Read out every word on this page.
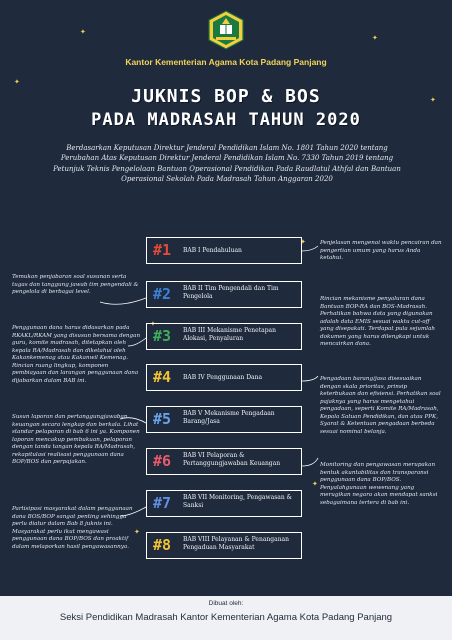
✦
✦
✦
✦
✦
✦
✦
✦
Kantor Kementerian Agama Kota Padang Panjang
JUKNIS BOP & BOS
PADA MADRASAH TAHUN 2020
Berdasarkan Keputusan Direktur Jenderal Pendidikan Islam No. 1801 Tahun 2020 tentang Perubahan Atas Keputusan Direktur Jenderal Pendidikan Islam No. 7330 Tahun 2019 tentang Petunjuk Teknis Pengelolaan Bantuan Operasional Pendidikan Pada Raudlatul Athfal dan Bantuan Operasional Sekolah Pada Madrasah Tahun Anggaran 2020
#1 BAB I Pendahuluan
#2 BAB II Tim Pengendali dan Tim Pengelola
#3 BAB III Mekanisme Penetapan Alokasi, Penyaluran
#4 BAB IV Penggunaan Dana
#5 BAB V Mekanisme Pengadaan Barang/Jasa
#6 BAB VI Pelaporan & Pertanggungjawaban Keuangan
#7 BAB VII Monitoring, Pengawasan & Sanksi
#8 BAB VIII Pelayanan & Penanganan Pengaduan Masyarakat
Temukan penjabaran soal susunan serta tugas dan tanggung jawab tim pengendali & pengelola di berbagai level.
Penggunaan dana harus didasarkan pada RKAKL/RKAM yang disusun bersama dengan guru, komite madrasah, ditetapkan oleh kepala RA/Madrasah dan diketahui oleh Kakankemenag atau Kakanwil Kemenag. Rincian ruang lingkup, komponen pembiayaan dan larangan penggunaan dana dijabarkan dalam BAB ini.
Susun laporan dan pertanggungjawaban keuangan secara lengkap dan berkala. Lihat standar pelaporan di bab 6 ini ya. Komponen laporan mencakup pembukuan, pelaporan dengan tanda tangan kepala RA/Madrasah, rekapitulasi realisasi penggunaan dana BOP/BOS dan perpajakan.
Partisipasi masyarakat dalam penggunaan dana BOS/BOP sangat penting sehingga perlu diatur dalam Bab 8 juknis ini. Masyarakat perlu ikut mengawasi penggunaan dana BOP/BOS dan proaktif dalam melaporkan hasil pengawasannya.
Penjelasan mengenai waktu pencairan dan pengertian umum yang harus Anda ketahui.
Rincian mekanisme penyaluran dana Bantuan BOP-RA dan BOS-Madrasah. Perhatikan bahwa data yang digunakan adalah data EMIS sesuai waktu cut-off yang disepakati. Terdapat pula sejumlah dokumen yang harus dilengkapi untuk mencairkan dana.
Pengadaan barang/jasa disesuaikan dengan skala prioritas, prinsip keterbukaan dan efisiensi. Perhatikan soal pajaknya yang harus mengetahui pengadaan, seperti Komite RA/Madrasah, Kepala Satuan Pendidikan, dan atau PPK, Syarat & Ketentuan pengadaan berbeda sesuai nominal belanja.
Monitoring dan pengawasan merupakan bentuk akuntabilitas dan transparansi penggunaan dana BOP/BOS. Penyalahgunaan wewenang yang merugikan negara akan mendapat sanksi sebagaimana tertera di bab ini.
Dibuat oleh:
Seksi Pendidikan Madrasah Kantor Kementerian Agama Kota Padang Panjang
